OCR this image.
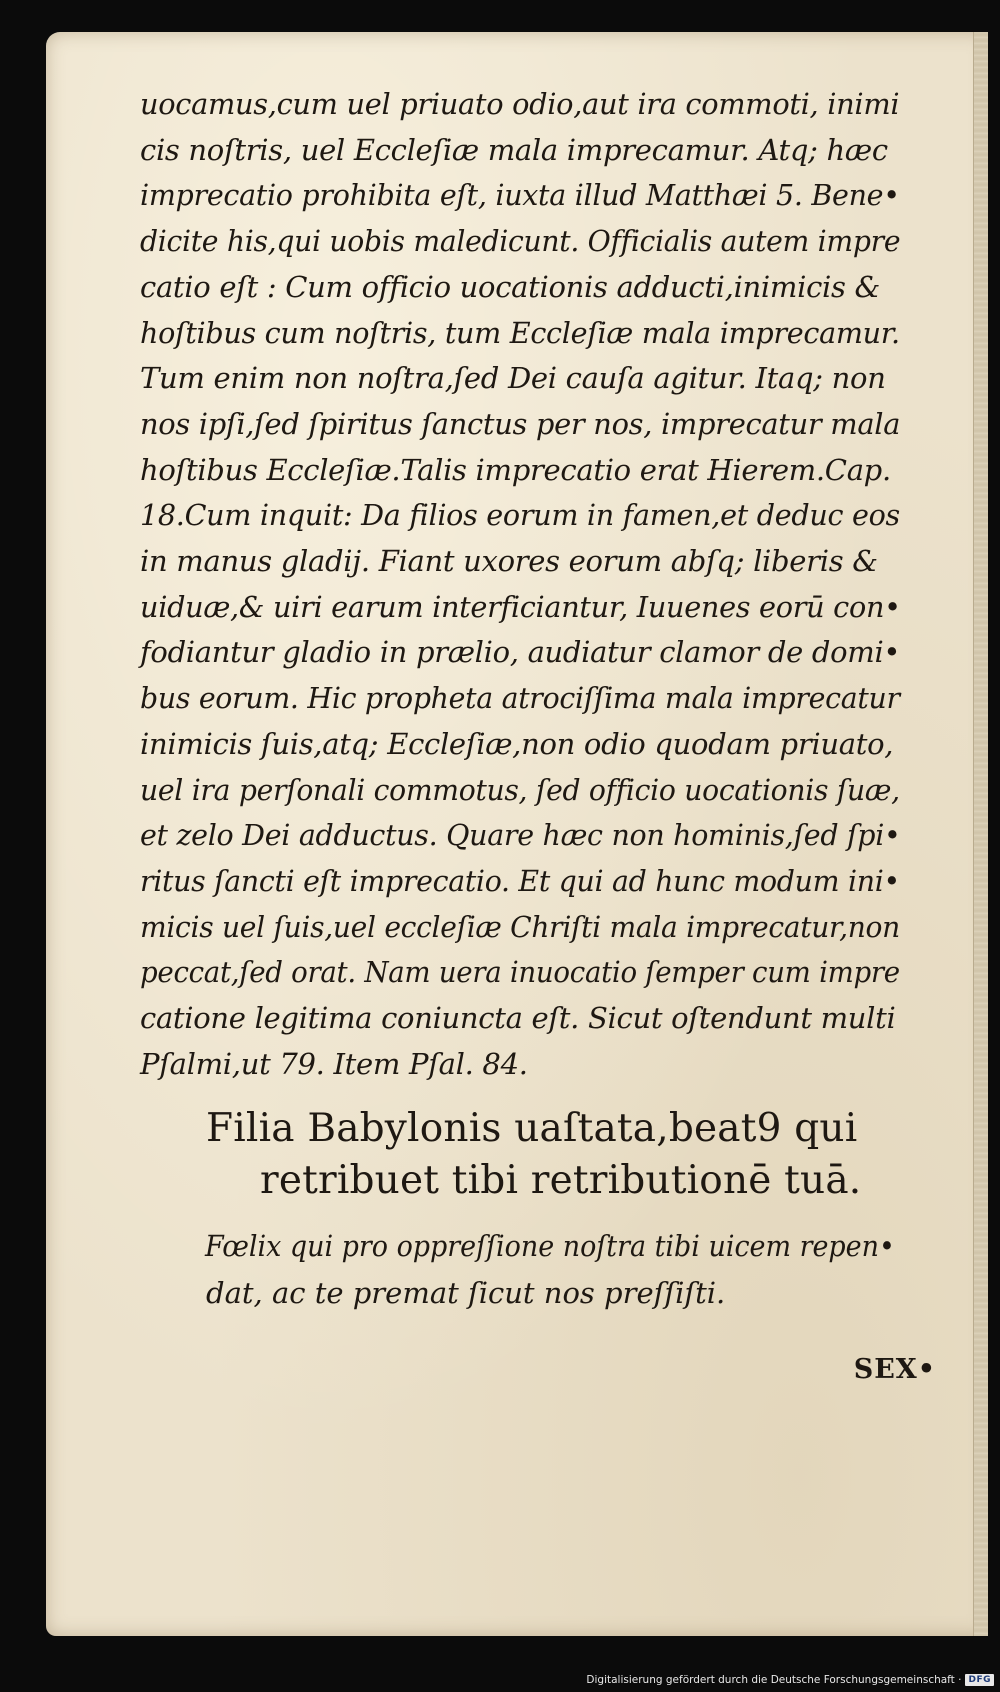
uocamus,cum uel priuato odio,aut ira commoti, inimi
cis noſtris, uel Eccleſiæ mala imprecamur. Atq; hæc
imprecatio prohibita eſt, iuxta illud Matthæi 5. Bene•
dicite his,qui uobis maledicunt. Officialis autem impre
catio eſt : Cum officio uocationis adducti,inimicis &
hoſtibus cum noſtris, tum Eccleſiæ mala imprecamur.
Tum enim non noſtra,ſed Dei cauſa agitur. Itaq; non
nos ipſi,ſed ſpiritus ſanctus per nos, imprecatur mala
hoſtibus Eccleſiæ.Talis imprecatio erat Hierem.Cap.
18.Cum inquit: Da filios eorum in famen,et deduc eos
in manus gladij. Fiant uxores eorum abſq; liberis &
uiduæ,& uiri earum interficiantur, Iuuenes eorū con•
fodiantur gladio in prælio, audiatur clamor de domi•
bus eorum. Hic propheta atrociſſima mala imprecatur
inimicis ſuis,atq; Eccleſiæ,non odio quodam priuato,
uel ira perſonali commotus, ſed officio uocationis ſuæ,
et zelo Dei adductus. Quare hæc non hominis,ſed ſpi•
ritus ſancti eſt imprecatio. Et qui ad hunc modum ini•
micis uel ſuis,uel eccleſiæ Chriſti mala imprecatur,non
peccat,ſed orat. Nam uera inuocatio ſemper cum impre
catione legitima coniuncta eſt. Sicut oſtendunt multi
Pſalmi,ut 79. Item Pſal. 84.
Filia Babylonis uaſtata,beat9 qui
retribuet tibi retributionē tuā.
Fœlix qui pro oppreſſione noſtra tibi uicem repen•
dat, ac te premat ſicut nos preſſiſti.
SEX•
Digitalisierung gefördert durch die Deutsche Forschungsgemeinschaft · DFG
